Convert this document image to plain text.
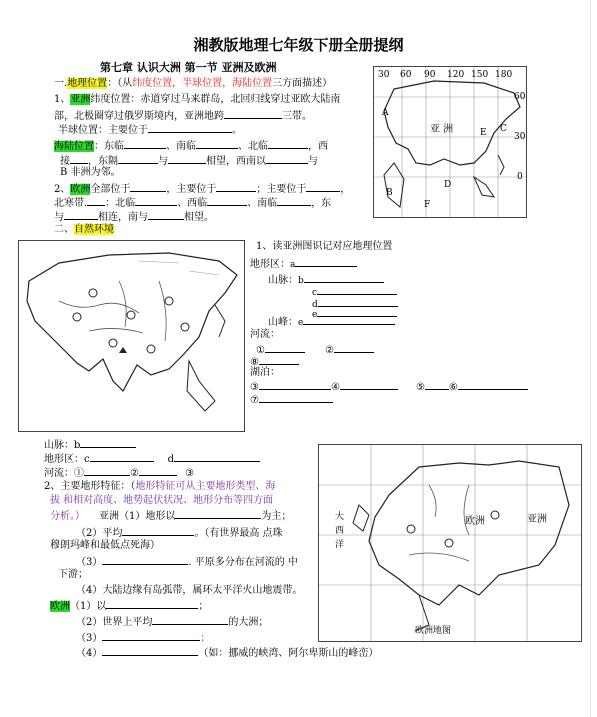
湘教版地理七年级下册全册提纲
第七章 认识大洲 第一节 亚洲及欧洲
一.地理位置：（从纬度位置，半球位置，海陆位置三方面描述）
1、亚洲纬度位置：赤道穿过马来群岛，北回归线穿过亚欧大陆南
部，北极圈穿过俄罗斯境内，亚洲地跨	三带。
半球位置：主要位于	。
海陆位置：东临	、南临	、北临	，西
接 ，东隔	与	相望，西南以	与
B 非洲为邻。
2、欧洲全部位于	，主要位于	；主要位于	，
北寒带. ：北临	、西临	、南临	，东
与	相连，南与	相望。
二、自然环境
30 60 90 120 150 180
60
30
0
亚 洲
A
B
C
D
E
F
1、读亚洲图识记对应地理位置
地形区：a
山脉：b
c
d
e
山峰：e
河流：
①	②
⑧
湖泊：
③	④	⑤ ⑥
⑦
山脉：b
地形区：c	d
河流：①	②	③
2、主要地形特征：（地形特征可从主要地形类型、海
拔 和相对高度、地势起伏状况、地形分布等四方面
分析。） 亚洲（1）地形以	为主；
（2）平均	。（有世界最高 点珠
穆朗玛峰和最低点死海）
（3）	. 平原多分布在河流的 中
下游；
（4）大陆边缘有岛弧带，属环太平洋火山地震带。
欧洲（1）以	；
（2）世界上平均	的大洲；
（3）	；
（4）	（如：挪威的峡湾、阿尔卑斯山的峰峦）
欧洲	亚洲
大
西
洋
欧洲地图
